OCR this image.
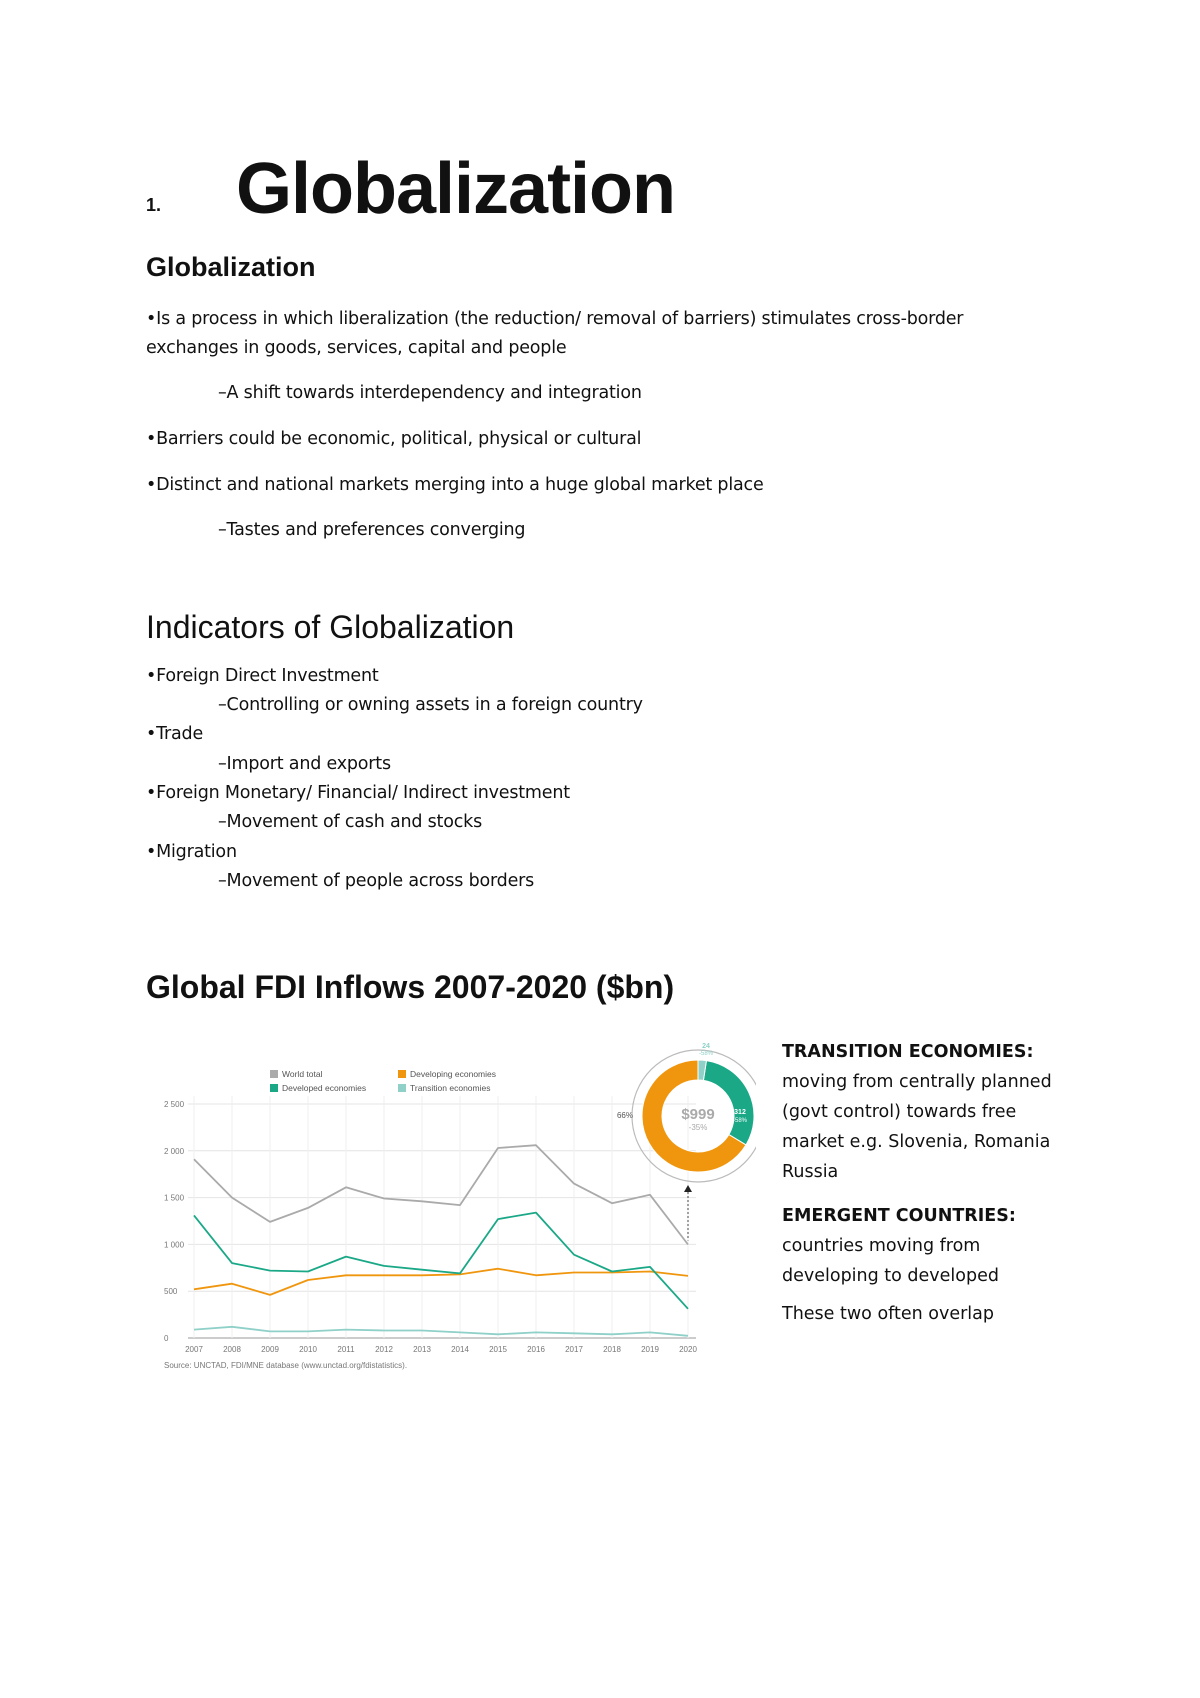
1. Globalization
Globalization
•Is a process in which liberalization (the reduction/ removal of barriers) stimulates cross-border
exchanges in goods, services, capital and people
–A shift towards interdependency and integration
•Barriers could be economic, political, physical or cultural
•Distinct and national markets merging into a huge global market place
–Tastes and preferences converging
Indicators of Globalization
•Foreign Direct Investment
–Controlling or owning assets in a foreign country
•Trade
–Import and exports
•Foreign Monetary/ Financial/ Indirect investment
–Movement of cash and stocks
•Migration
–Movement of people across borders
Global FDI Inflows 2007-2020 ($bn)
0
500
1 000
1 500
2 000
2 500
2007	2008	2009	2010	2011	2012	2013	2014	2015	2016	2017	2018	2019	2020
World total	Developing economies
Developed economies	Transition economies
$999
-35%
663
-8%
312
-58%
24
-58%
66%
Source: UNCTAD, FDI/MNE database (www.unctad.org/fdistatistics).
TRANSITION ECONOMIES:
moving from centrally planned
(govt control) towards free
market e.g. Slovenia, Romania
Russia
EMERGENT COUNTRIES:
countries moving from
developing to developed
These two often overlap
